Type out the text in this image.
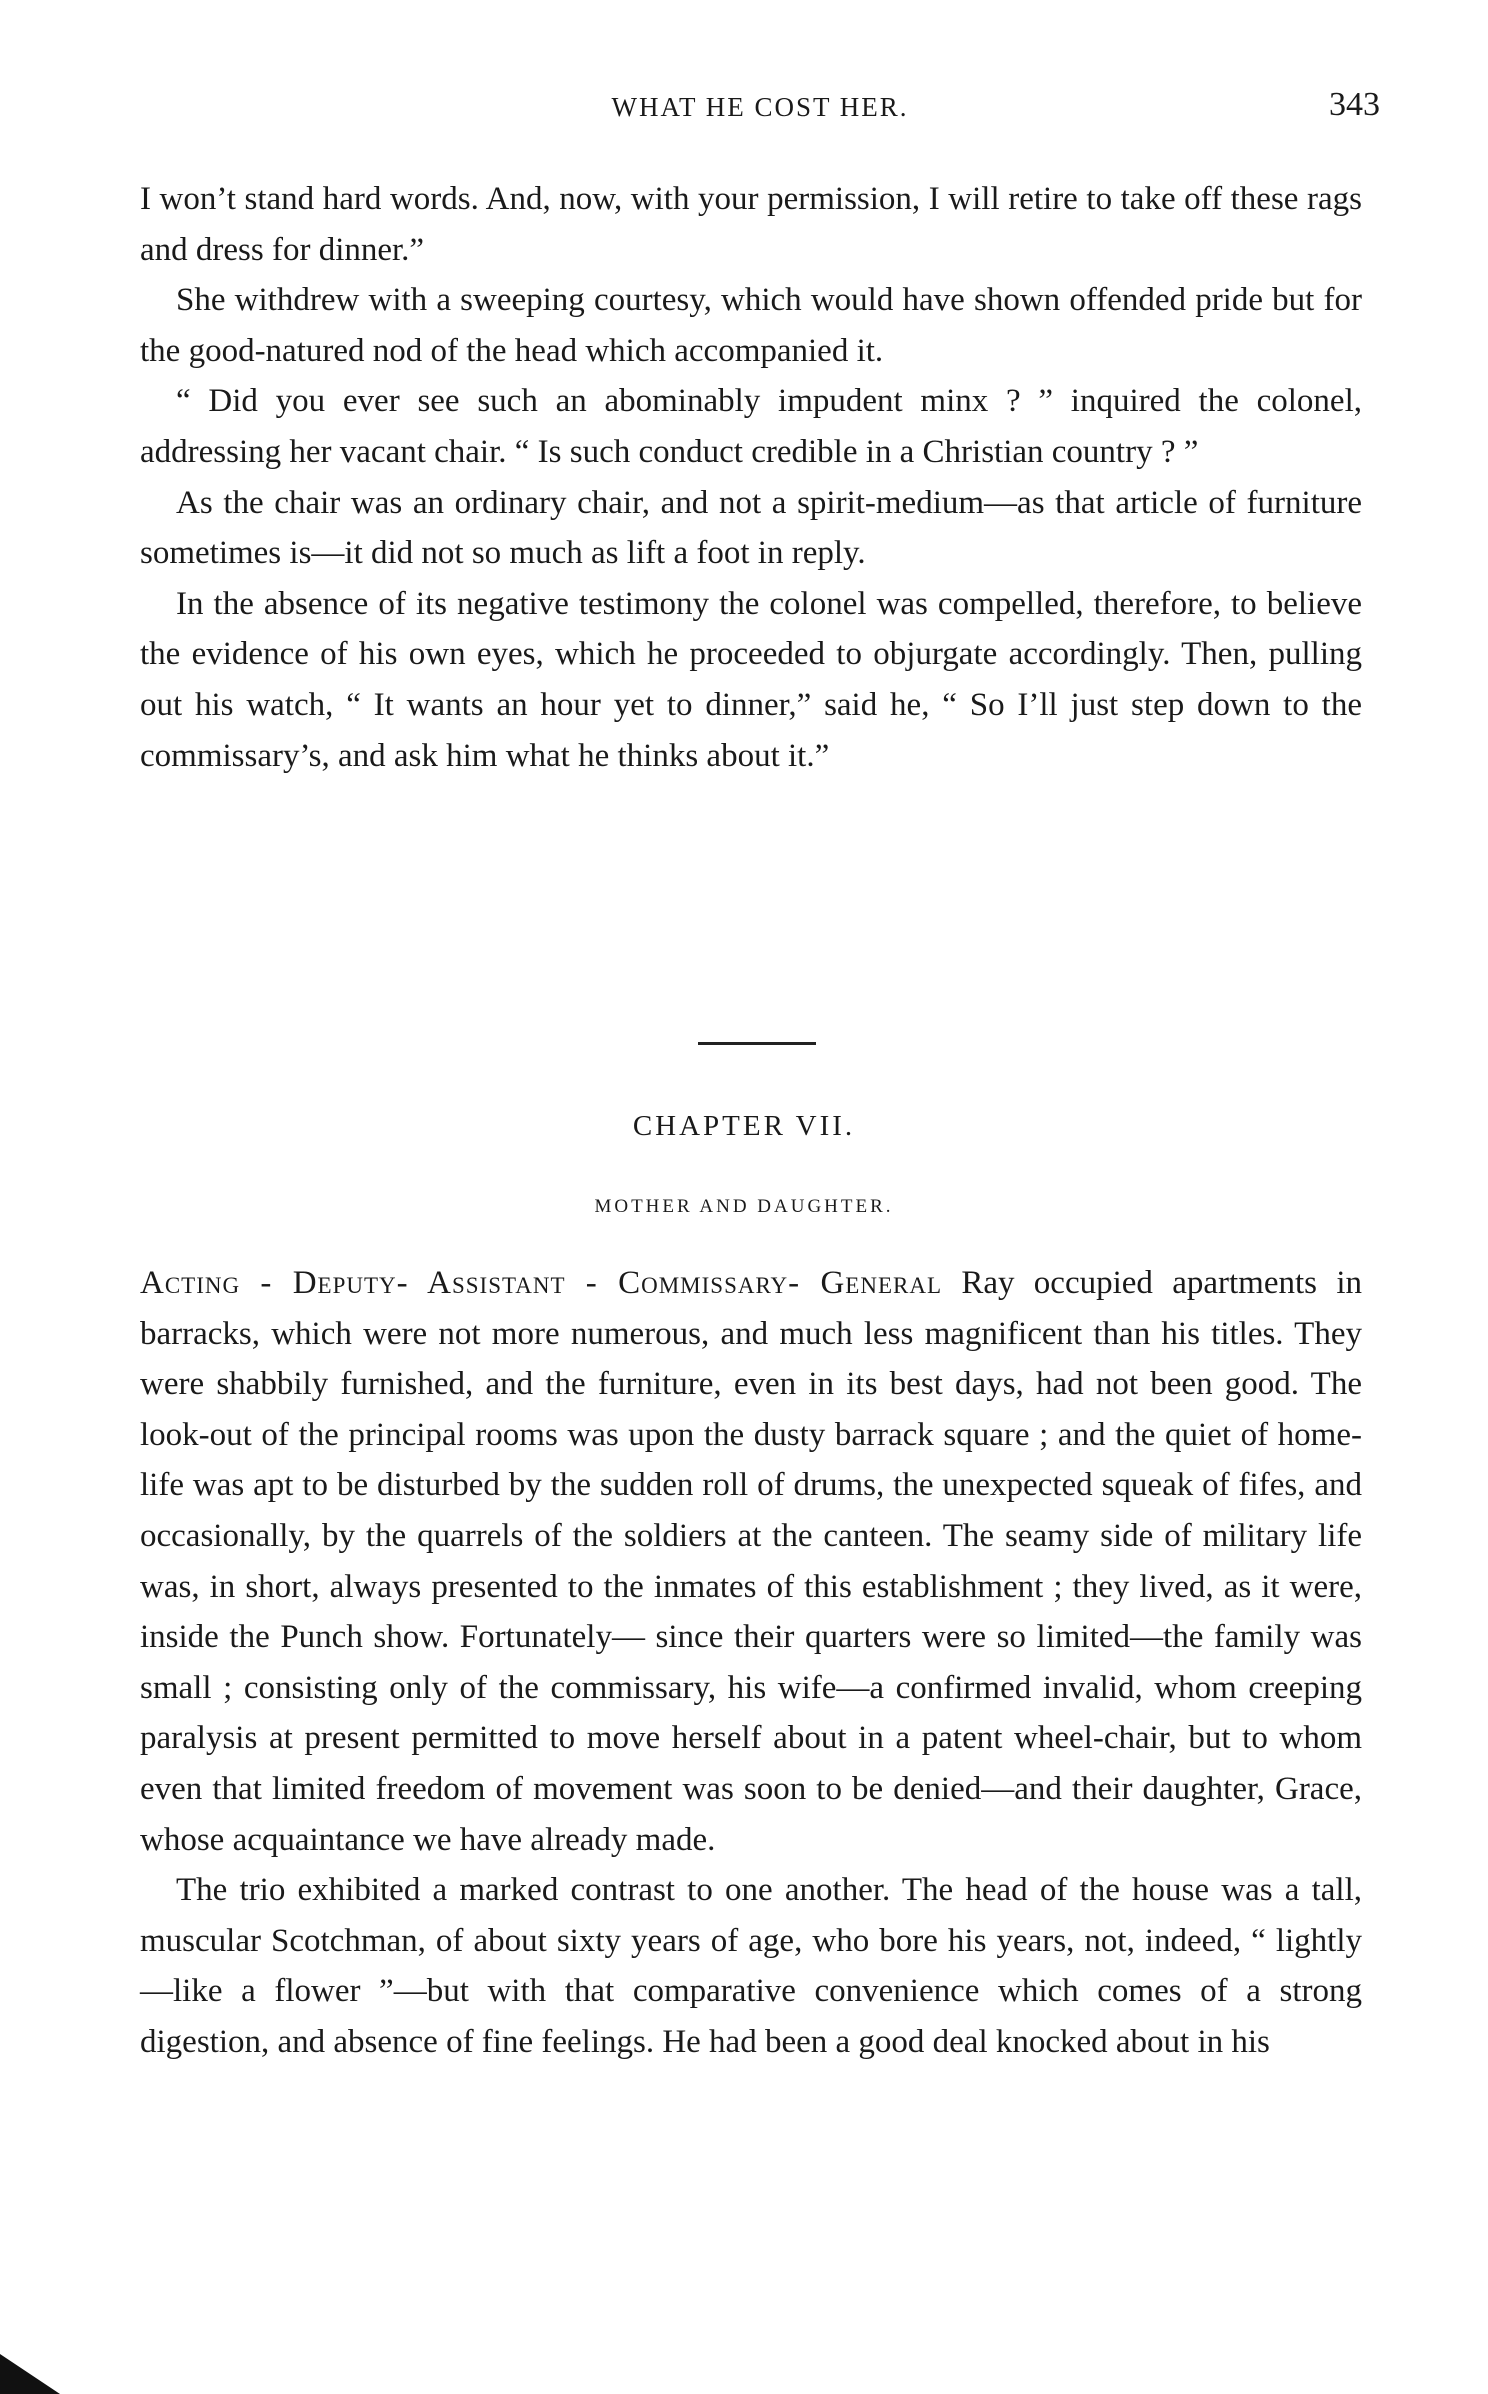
WHAT HE COST HER.	343

I won’t stand hard words. And, now, with your permission, I will retire to take off these rags and dress for dinner.”

She withdrew with a sweeping courtesy, which would have shown offended pride but for the good-natured nod of the head which accompanied it.

“ Did you ever see such an abominably impudent minx ? ” inquired the colonel, addressing her vacant chair. “ Is such conduct credible in a Christian country ? ”

As the chair was an ordinary chair, and not a spirit-medium—as that article of furniture sometimes is—it did not so much as lift a foot in reply.

In the absence of its negative testimony the colonel was compelled, therefore, to believe the evidence of his own eyes, which he proceeded to objurgate accordingly. Then, pulling out his watch, “ It wants an hour yet to dinner,” said he, “ So I’ll just step down to the commissary’s, and ask him what he thinks about it.”

CHAPTER VII.
MOTHER AND DAUGHTER.

Acting - Deputy- Assistant - Commissary- General Ray occupied apartments in barracks, which were not more numerous, and much less magnificent than his titles. They were shabbily furnished, and the furniture, even in its best days, had not been good. The look-out of the principal rooms was upon the dusty barrack square ; and the quiet of home-life was apt to be disturbed by the sudden roll of drums, the unexpected squeak of fifes, and occasionally, by the quarrels of the soldiers at the canteen. The seamy side of military life was, in short, always presented to the inmates of this establishment ; they lived, as it were, inside the Punch show. Fortunately— since their quarters were so limited—the family was small ; consisting only of the commissary, his wife—a confirmed invalid, whom creeping paralysis at present permitted to move herself about in a patent wheel-chair, but to whom even that limited freedom of movement was soon to be denied—and their daughter, Grace, whose acquaintance we have already made.

The trio exhibited a marked contrast to one another. The head of the house was a tall, muscular Scotchman, of about sixty years of age, who bore his years, not, indeed, “ lightly—like a flower ”—but with that comparative convenience which comes of a strong digestion, and absence of fine feelings. He had been a good deal knocked about in his
